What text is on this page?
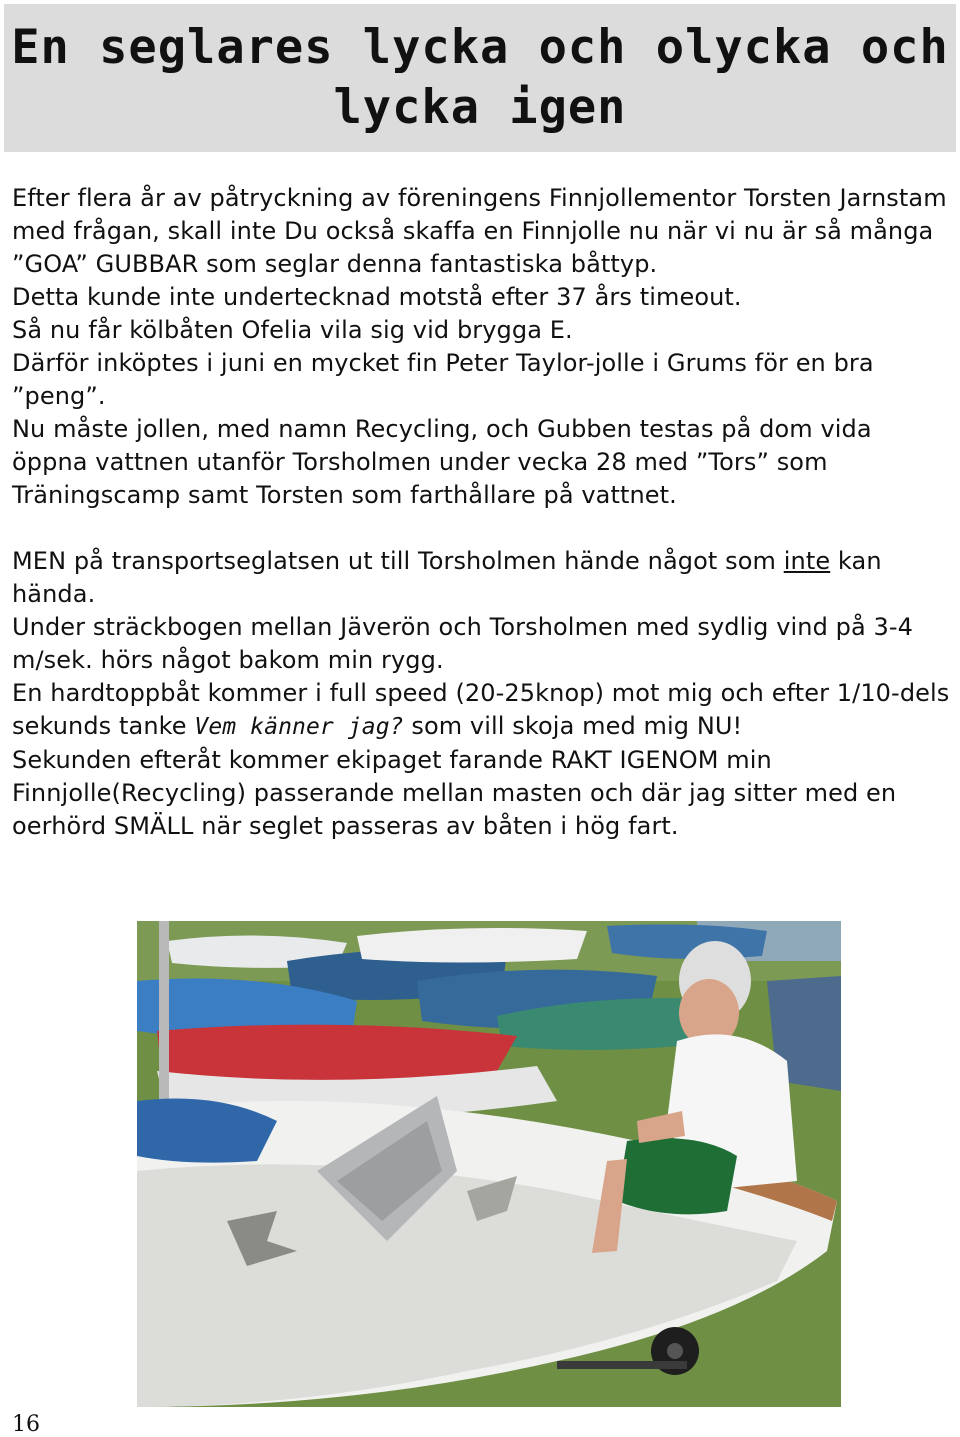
En seglares lycka och olycka och lycka igen

Efter flera år av påtryckning av föreningens Finnjollementor Torsten Jarnstam med frågan, skall inte Du också skaffa en Finnjolle nu när vi nu är så många ”GOA” GUBBAR som seglar denna fantastiska båttyp.

Detta kunde inte undertecknad motstå efter 37 års timeout.

Så nu får kölbåten Ofelia vila sig vid brygga E.

Därför inköptes i juni en mycket fin Peter Taylor-jolle i Grums för en bra ”peng”.

Nu måste jollen, med namn Recycling, och Gubben testas på dom vida öppna vattnen utanför Torsholmen under vecka 28 med ”Tors” som Träningscamp samt Torsten som farthållare på vattnet.

MEN på transportseglatsen ut till Torsholmen hände något som inte kan hända.

Under sträckbogen mellan Jäverön och Torsholmen med sydlig vind på 3-4 m/sek. hörs något bakom min rygg.

En hardtoppbåt kommer i full speed (20-25knop) mot mig och efter 1/10-dels sekunds tanke Vem känner jag? som vill skoja med mig NU!

Sekunden efteråt kommer ekipaget farande RAKT IGENOM min Finnjolle(Recycling) passerande mellan masten och där jag sitter med en oerhörd SMÄLL när seglet passeras av båten i hög fart.

16
